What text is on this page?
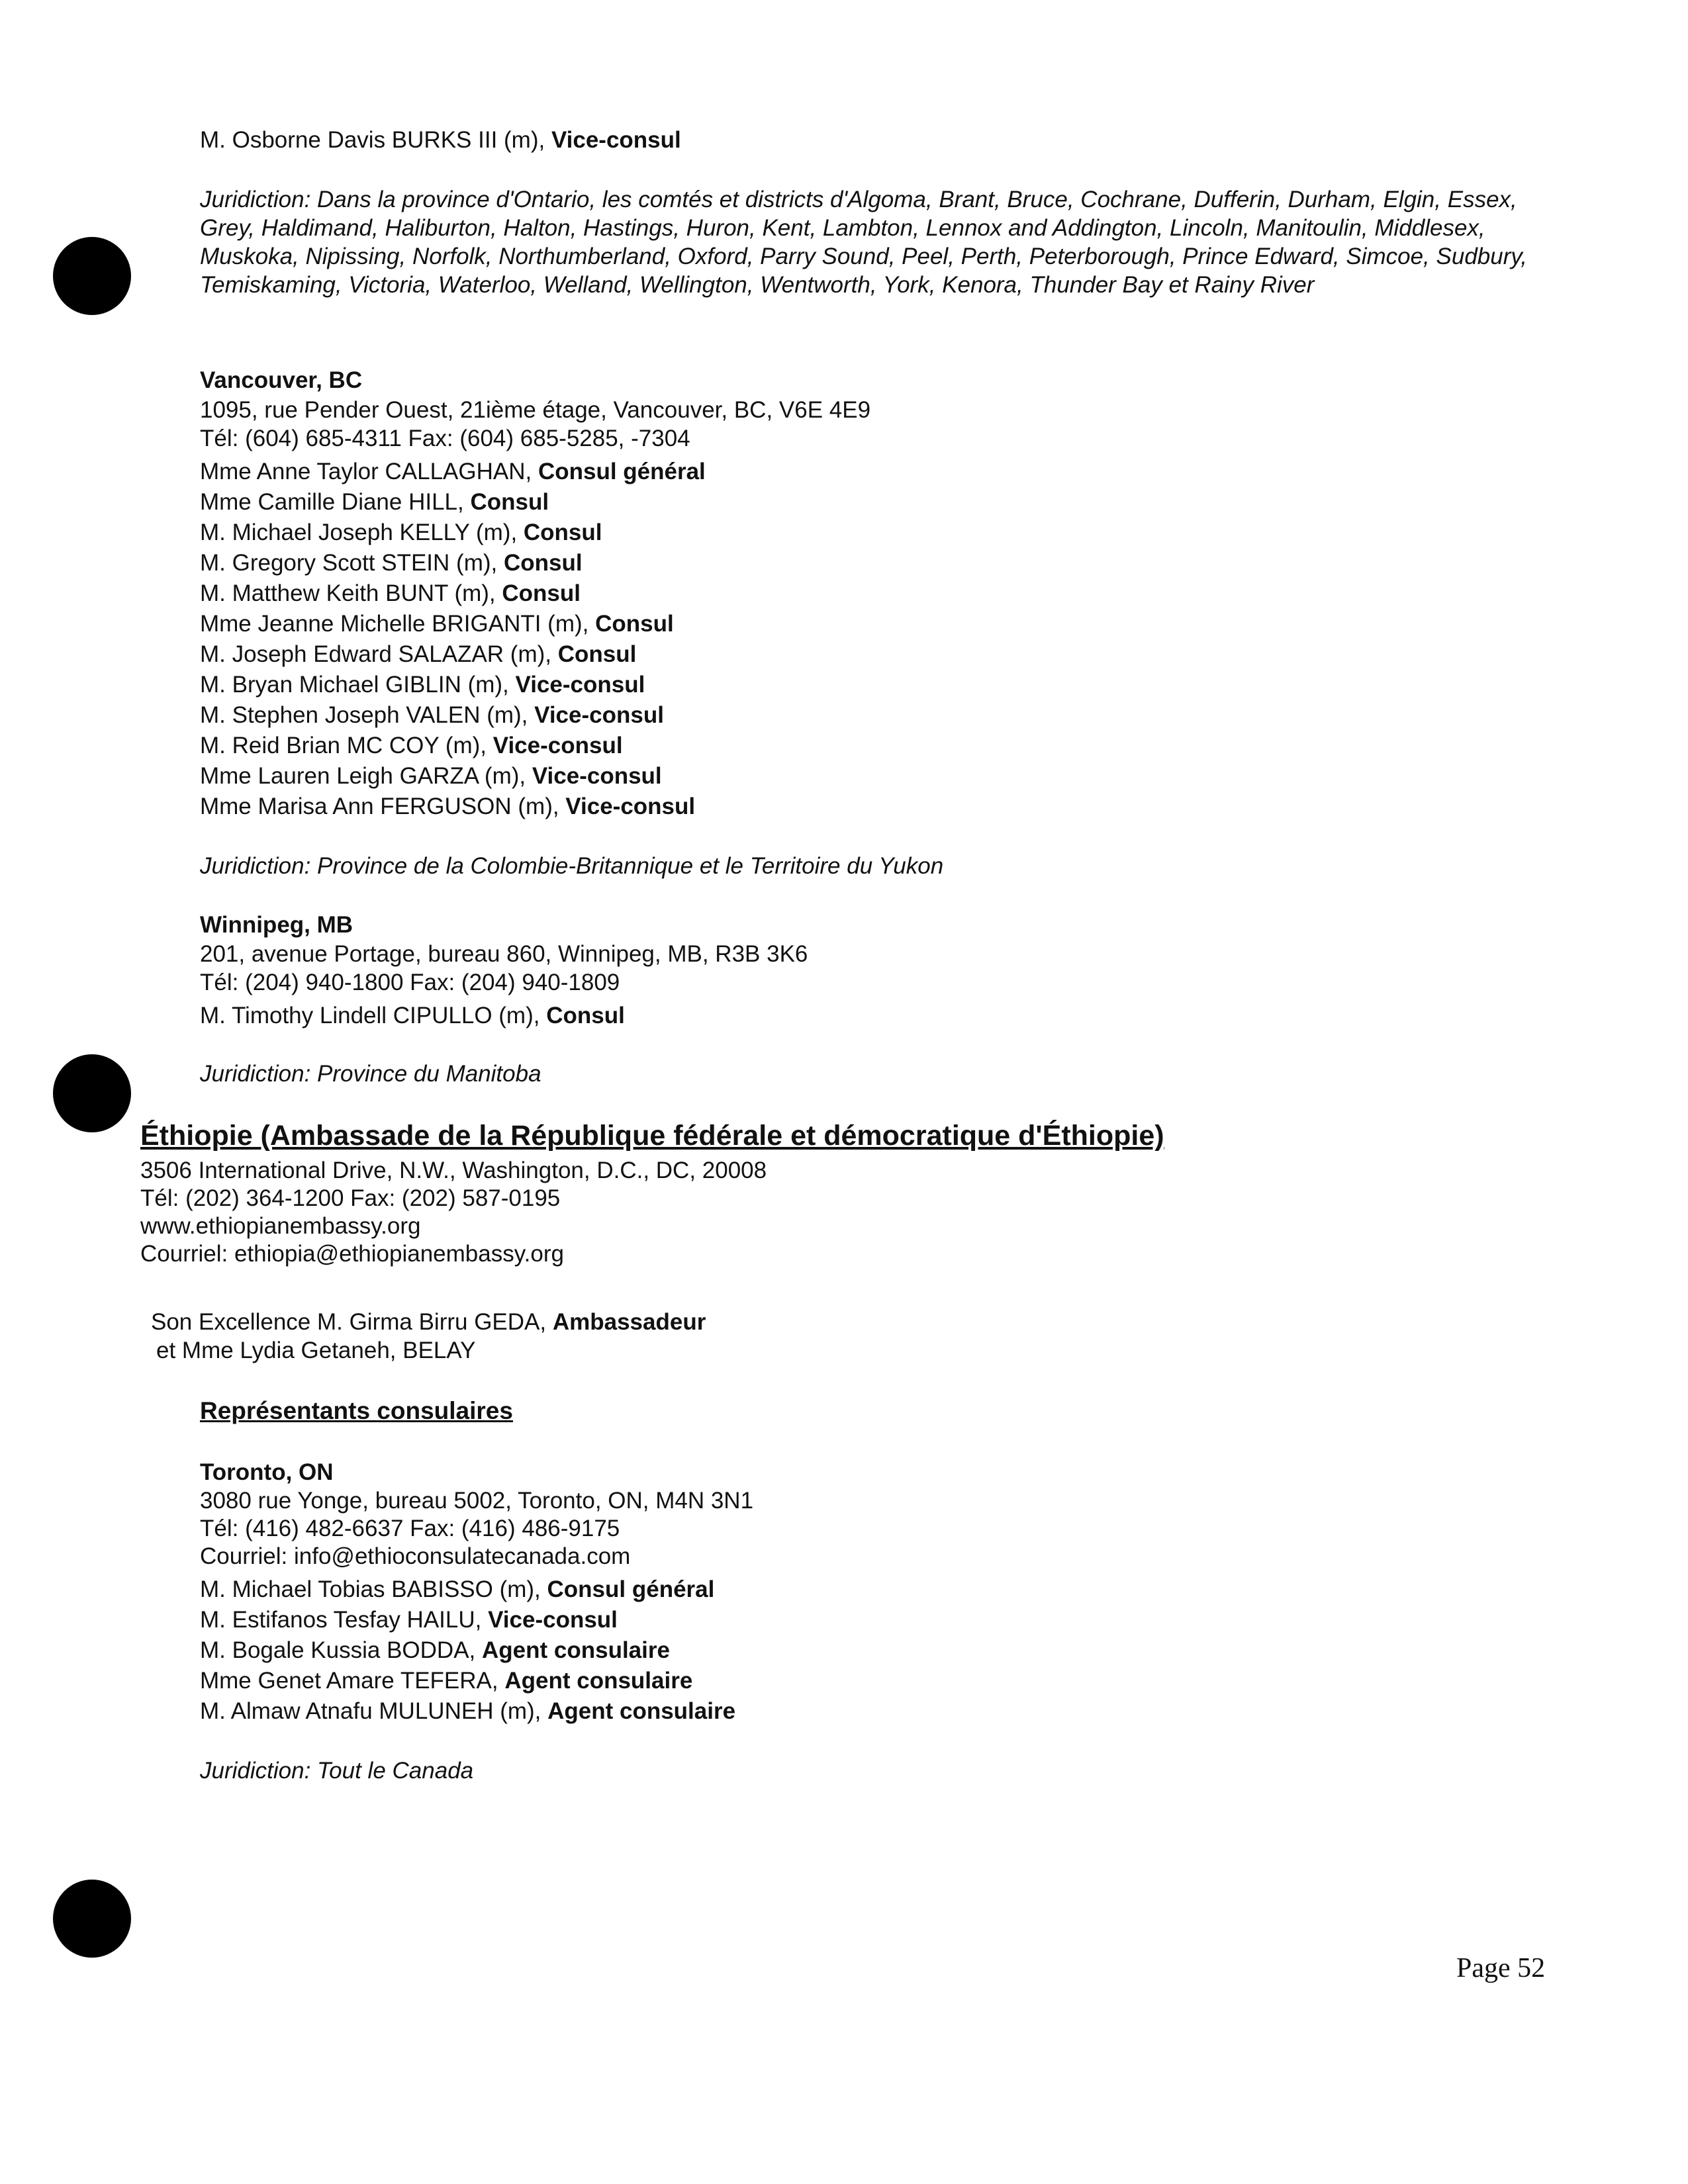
M. Osborne Davis BURKS III (m), Vice-consul
Juridiction: Dans la province d'Ontario, les comtés et districts d'Algoma, Brant, Bruce, Cochrane, Dufferin, Durham, Elgin, Essex, Grey, Haldimand, Haliburton, Halton, Hastings, Huron, Kent, Lambton, Lennox and Addington, Lincoln, Manitoulin, Middlesex, Muskoka, Nipissing, Norfolk, Northumberland, Oxford, Parry Sound, Peel, Perth, Peterborough, Prince Edward, Simcoe, Sudbury, Temiskaming, Victoria, Waterloo, Welland, Wellington, Wentworth, York, Kenora, Thunder Bay et Rainy River
Vancouver, BC
1095, rue Pender Ouest, 21ième étage, Vancouver, BC, V6E 4E9
Tél: (604) 685-4311 Fax: (604) 685-5285, -7304
Mme Anne Taylor CALLAGHAN, Consul général
Mme Camille Diane HILL, Consul
M. Michael Joseph KELLY (m), Consul
M. Gregory Scott STEIN (m), Consul
M. Matthew Keith BUNT (m), Consul
Mme Jeanne Michelle BRIGANTI (m), Consul
M. Joseph Edward SALAZAR (m), Consul
M. Bryan Michael GIBLIN (m), Vice-consul
M. Stephen Joseph VALEN (m), Vice-consul
M. Reid Brian MC COY (m), Vice-consul
Mme Lauren Leigh GARZA (m), Vice-consul
Mme Marisa Ann FERGUSON (m), Vice-consul
Juridiction: Province de la Colombie-Britannique et le Territoire du Yukon
Winnipeg, MB
201, avenue Portage, bureau 860, Winnipeg, MB, R3B 3K6
Tél: (204) 940-1800 Fax: (204) 940-1809
M. Timothy Lindell CIPULLO (m), Consul
Juridiction: Province du Manitoba
Éthiopie (Ambassade de la République fédérale et démocratique d'Éthiopie)
3506 International Drive, N.W., Washington, D.C., DC, 20008
Tél: (202) 364-1200 Fax: (202) 587-0195
www.ethiopianembassy.org
Courriel: ethiopia@ethiopianembassy.org
Son Excellence M. Girma Birru GEDA, Ambassadeur
et Mme Lydia Getaneh, BELAY
Représentants consulaires
Toronto, ON
3080 rue Yonge, bureau 5002, Toronto, ON, M4N 3N1
Tél: (416) 482-6637 Fax: (416) 486-9175
Courriel: info@ethioconsulatecanada.com
M. Michael Tobias BABISSO (m), Consul général
M. Estifanos Tesfay HAILU, Vice-consul
M. Bogale Kussia BODDA, Agent consulaire
Mme Genet Amare TEFERA, Agent consulaire
M. Almaw Atnafu MULUNEH (m), Agent consulaire
Juridiction: Tout le Canada
Page 52
